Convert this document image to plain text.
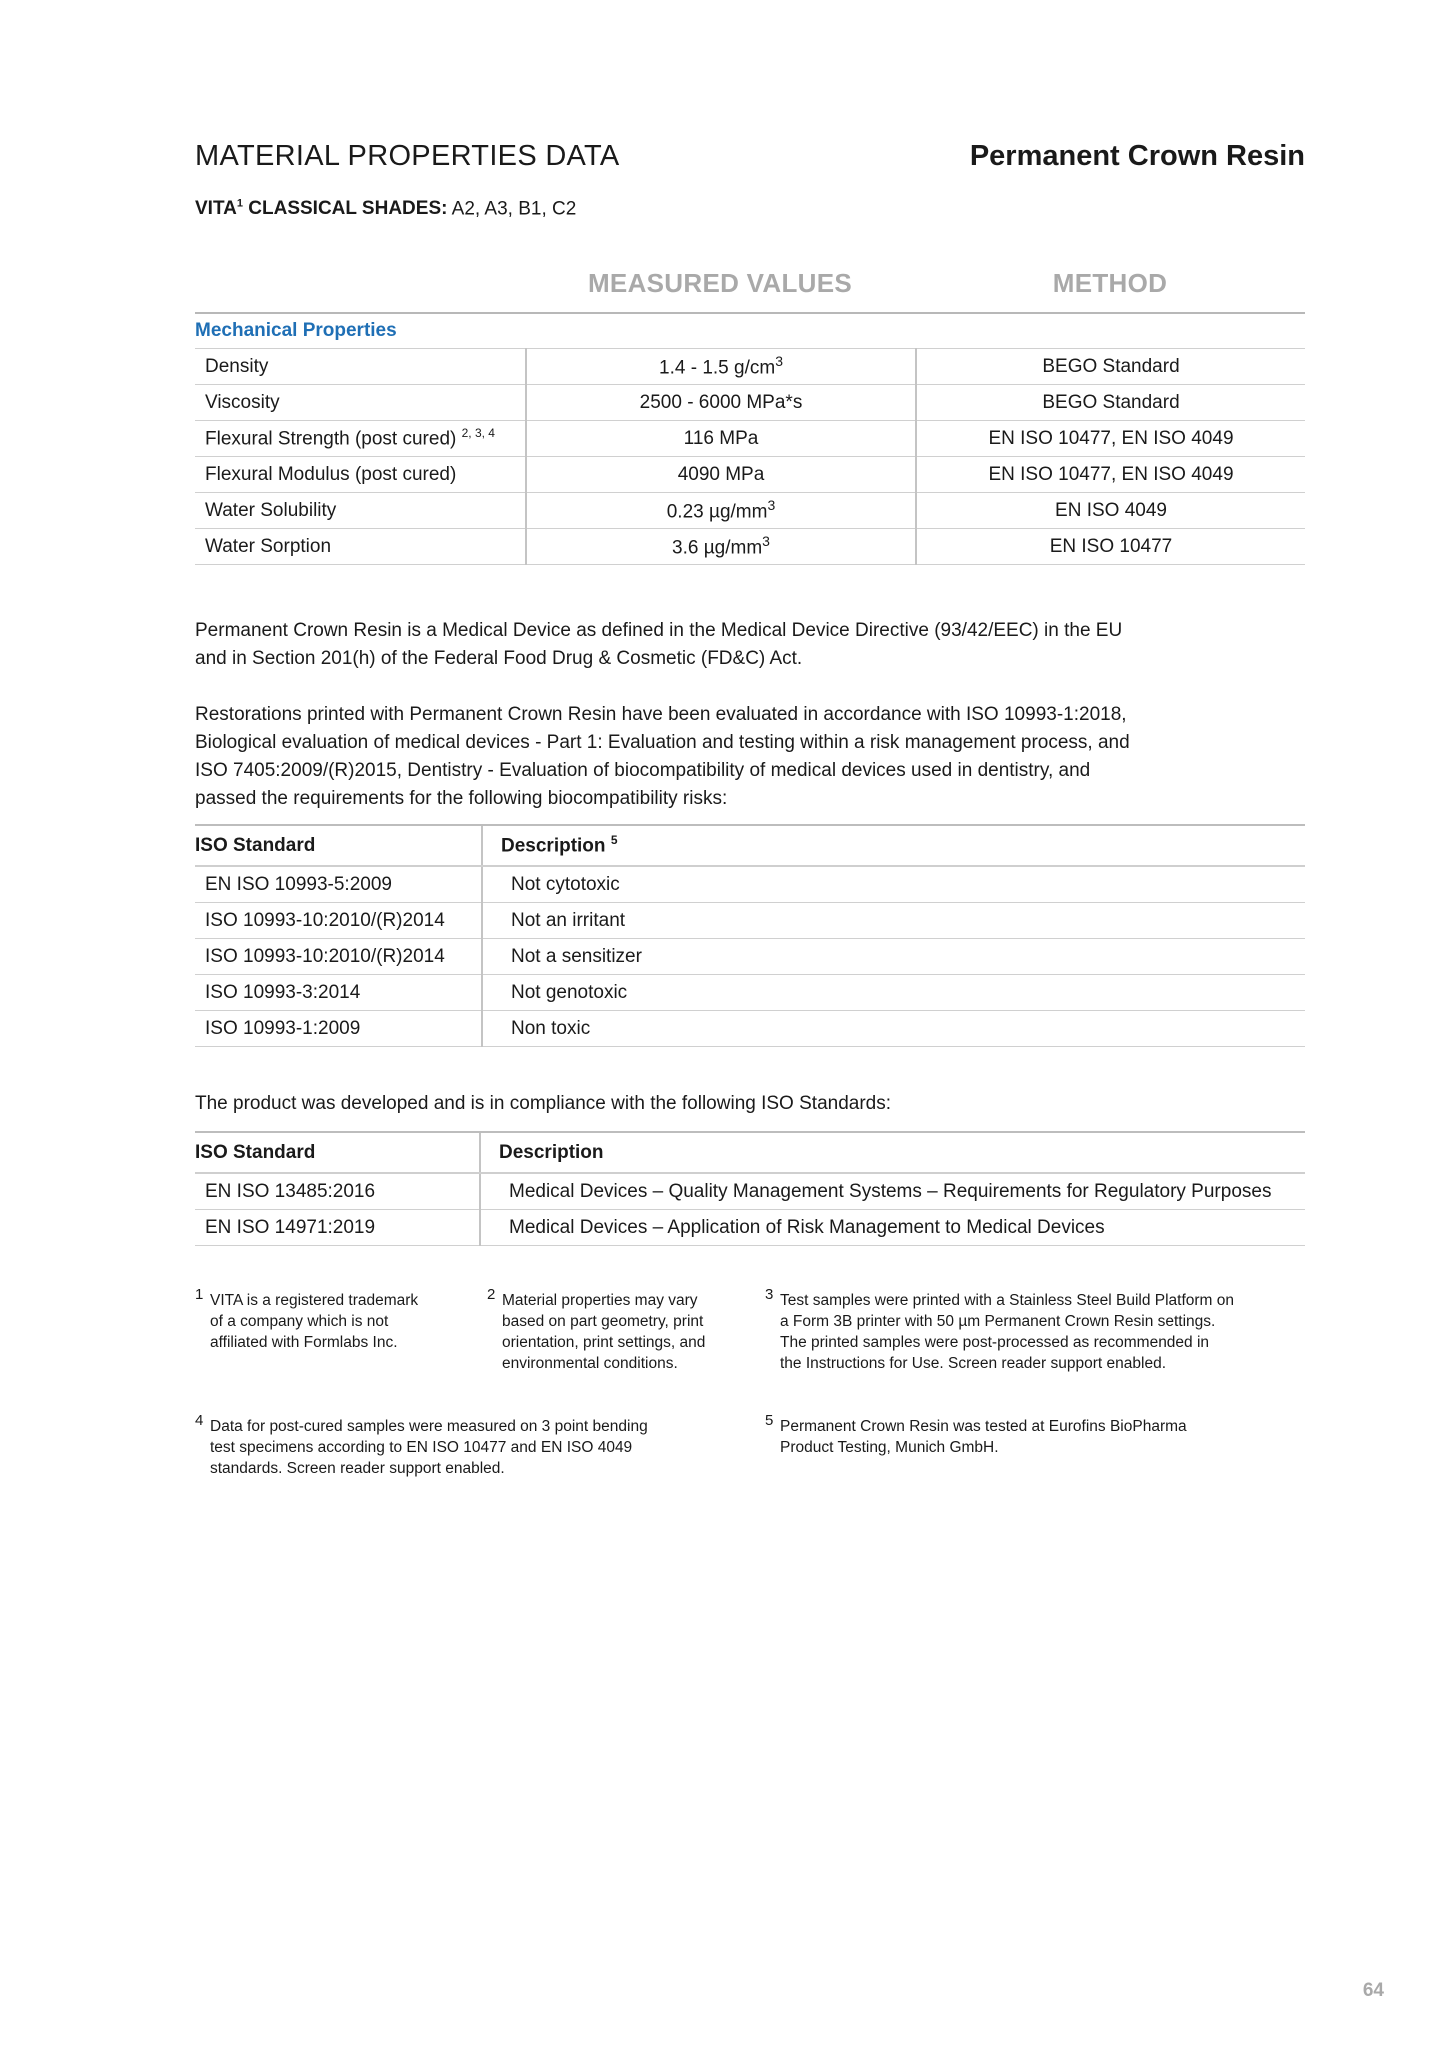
MATERIAL PROPERTIES DATA	Permanent Crown Resin
VITA$^1$ CLASSICAL SHADES: A2, A3, B1, C2
MEASURED VALUES	METHOD
Mechanical Properties
Density	1.4 - 1.5 $g/cm^3$	BEGO Standard
Viscosity	2500 - 6000 MPa*s	BEGO Standard
Flexural Strength (post cured) $^{2, 3, 4}$	116 MPa	EN ISO 10477, EN ISO 4049
Flexural Modulus (post cured)	4090 MPa	EN ISO 10477, EN ISO 4049
Water Solubility	0.23 $\mu g/mm^3$	EN ISO 4049
Water Sorption	3.6 $\mu g/mm^3$	EN ISO 10477
Permanent Crown Resin is a Medical Device as defined in the Medical Device Directive (93/42/EEC) in the EU
and in Section 201(h) of the Federal Food Drug & Cosmetic (FD&C) Act.
Restorations printed with Permanent Crown Resin have been evaluated in accordance with ISO 10993-1:2018,
Biological evaluation of medical devices - Part 1: Evaluation and testing within a risk management process, and
ISO 7405:2009/(R)2015, Dentistry - Evaluation of biocompatibility of medical devices used in dentistry, and
passed the requirements for the following biocompatibility risks:
ISO Standard	Description $^5$
EN ISO 10993-5:2009	Not cytotoxic
ISO 10993-10:2010/(R)2014	Not an irritant
ISO 10993-10:2010/(R)2014	Not a sensitizer
ISO 10993-3:2014	Not genotoxic
ISO 10993-1:2009	Non toxic
The product was developed and is in compliance with the following ISO Standards:
ISO Standard	Description
EN ISO 13485:2016	Medical Devices – Quality Management Systems – Requirements for Regulatory Purposes
EN ISO 14971:2019	Medical Devices – Application of Risk Management to Medical Devices
1 VITA is a registered trademark
of a company which is not
affiliated with Formlabs Inc.
2 Material properties may vary
based on part geometry, print
orientation, print settings, and
environmental conditions.
3 Test samples were printed with a Stainless Steel Build Platform on
a Form 3B printer with 50 µm Permanent Crown Resin settings.
The printed samples were post-processed as recommended in
the Instructions for Use. Screen reader support enabled.
4 Data for post-cured samples were measured on 3 point bending
test specimens according to EN ISO 10477 and EN ISO 4049
standards. Screen reader support enabled.
5 Permanent Crown Resin was tested at Eurofins BioPharma
Product Testing, Munich GmbH.
64
